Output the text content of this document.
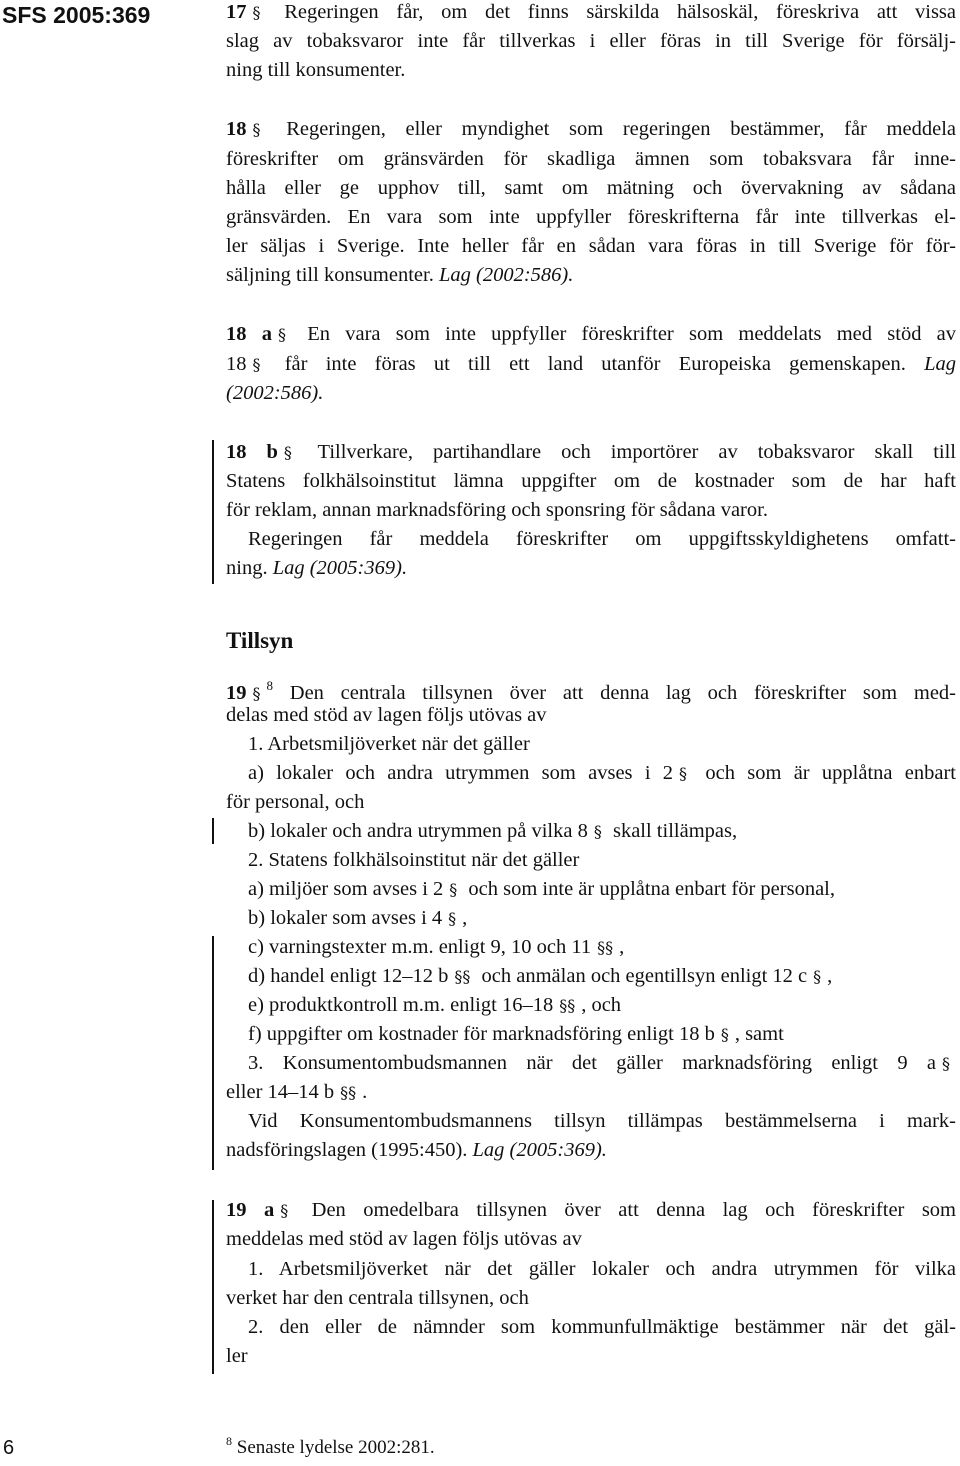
SFS 2005:369	17 § Regeringen får, om det finns särskilda hälsoskäl, föreskriva att vissa
slag av tobaksvaror inte får tillverkas i eller föras in till Sverige för försälj-
ning till konsumenter.
18 § Regeringen, eller myndighet som regeringen bestämmer, får meddela
föreskrifter om gränsvärden för skadliga ämnen som tobaksvara får inne-
hålla eller ge upphov till, samt om mätning och övervakning av sådana
gränsvärden. En vara som inte uppfyller föreskrifterna får inte tillverkas el-
ler säljas i Sverige. Inte heller får en sådan vara föras in till Sverige för för-
säljning till konsumenter. Lag (2002:586).
18 a § En vara som inte uppfyller föreskrifter som meddelats med stöd av
18 § får inte föras ut till ett land utanför Europeiska gemenskapen. Lag
(2002:586).
18 b § Tillverkare, partihandlare och importörer av tobaksvaror skall till
Statens folkhälsoinstitut lämna uppgifter om de kostnader som de har haft
för reklam, annan marknadsföring och sponsring för sådana varor.
Regeringen får meddela föreskrifter om uppgiftsskyldighetens omfatt-
ning. Lag (2005:369).
19 § $^8$ Den centrala tillsynen över att denna lag och föreskrifter som med-
delas med stöd av lagen följs utövas av
1. Arbetsmiljöverket när det gäller
a) lokaler och andra utrymmen som avses i 2 § och som är upplåtna enbart
för personal, och
b) lokaler och andra utrymmen på vilka 8 § skall tillämpas,
2. Statens folkhälsoinstitut när det gäller
a) miljöer som avses i 2 § och som inte är upplåtna enbart för personal,
b) lokaler som avses i 4 § ,
c) varningstexter m.m. enligt 9, 10 och 11 §§ ,
d) handel enligt 12–12 b §§ och anmälan och egentillsyn enligt 12 c § ,
e) produktkontroll m.m. enligt 16–18 §§ , och
f) uppgifter om kostnader för marknadsföring enligt 18 b § , samt
3. Konsumentombudsmannen när det gäller marknadsföring enligt 9 a §
eller 14–14 b §§ .
Vid Konsumentombudsmannens tillsyn tillämpas bestämmelserna i mark-
nadsföringslagen (1995:450). Lag (2005:369).
19 a § Den omedelbara tillsynen över att denna lag och föreskrifter som
meddelas med stöd av lagen följs utövas av
1. Arbetsmiljöverket när det gäller lokaler och andra utrymmen för vilka
verket har den centrala tillsynen, och
2. den eller de nämnder som kommunfullmäktige bestämmer när det gäl-
ler
Tillsyn
6	$^8$ Senaste lydelse 2002:281.
